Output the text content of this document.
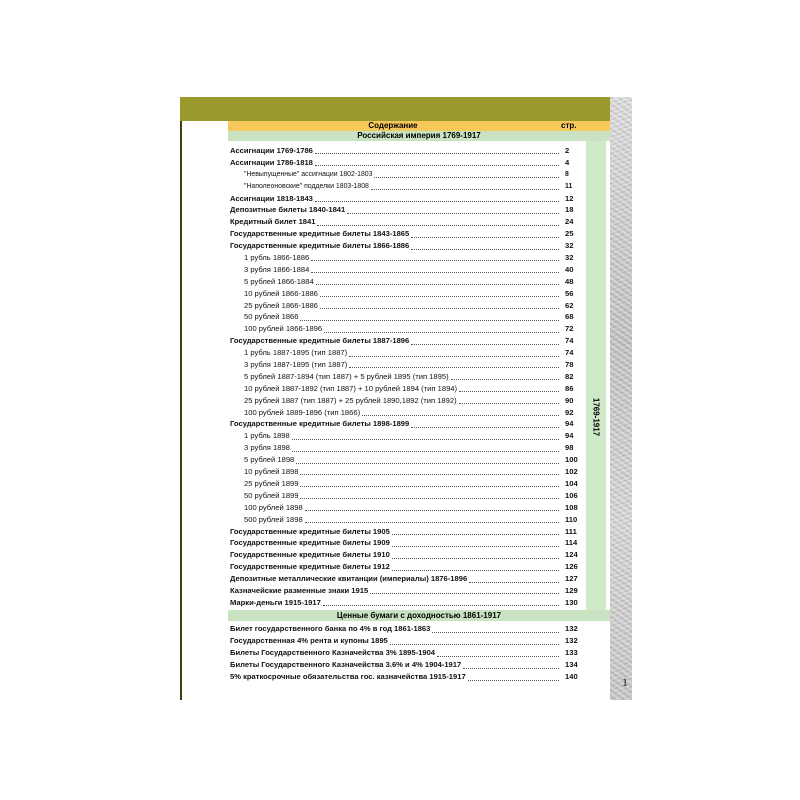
1
Содержание	стр.
Российская империя 1769-1917
1769-1917
Ассигнации 1769-1786	2
Ассигнации 1786-1818	4
"Невыпущенные" ассигнации 1802-1803	8
"Наполеоновские" подделки 1803-1808	11
Ассигнации 1818-1843	12
Депозитные билеты 1840-1841	18
Кредитный билет 1841	24
Государственные кредитные билеты 1843-1865	25
Государственные кредитные билеты 1866-1886	32
1 рубль 1866-1886	32
3 рубля 1866-1884	40
5 рублей 1866-1884	48
10 рублей 1866-1886	56
25 рублей 1866-1886	62
50 рублей 1866	68
100 рублей 1866-1896	72
Государственные кредитные билеты 1887-1896	74
1 рубль 1887-1895 (тип 1887)	74
3 рубля 1887-1895 (тип 1887)	78
5 рублей 1887-1894 (тип 1887) + 5 рублей 1895 (тип 1895)	82
10 рублей 1887-1892 (тип 1887) + 10 рублей 1894 (тип 1894)	86
25 рублей 1887 (тип 1887) + 25 рублей 1890,1892 (тип 1892)	90
100 рублей 1889-1896 (тип 1866)	92
Государственные кредитные билеты 1898-1899	94
1 рубль 1898	94
3 рубля 1898	98
5 рублей 1898	100
10 рублей 1898	102
25 рублей 1899	104
50 рублей 1899	106
100 рублей 1898	108
500 рублей 1898	110
Государственные кредитные билеты 1905	111
Государственные кредитные билеты 1909	114
Государственные кредитные билеты 1910	124
Государственные кредитные билеты 1912	126
Депозитные металлические квитанции (империалы) 1876-1896	127
Казначейские разменные знаки 1915	129
Марки-деньги 1915-1917	130
Ценные бумаги с доходностью 1861-1917
Билет государственного банка по 4% в год 1861-1863	132
Государственная 4% рента и купоны 1895	132
Билеты Государственного Казначейства 3% 1895-1904	133
Билеты Государственного Казначейства 3.6% и 4% 1904-1917	134
5% краткосрочные обязательства гос. казначейства 1915-1917	140
